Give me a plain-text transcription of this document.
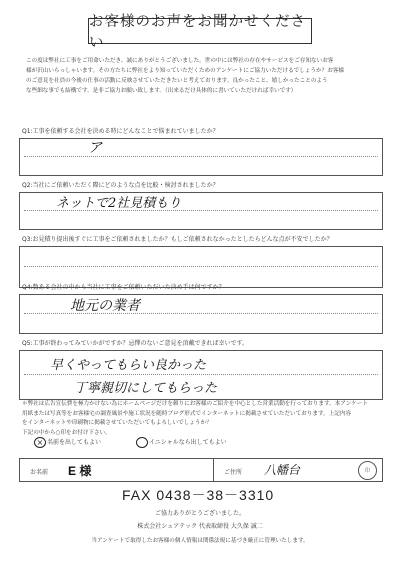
お客様のお声をお聞かせください

この度は弊社に工事をご用命いただき、誠にありがとうございました。世の中には弊社の存在やサービスをご存知ないお客

様が沢山いらっしゃいます。その方たちに弊社をより知っていただくためのアンケートにご協力いただけるでしょうか？お客様

のご意見を社員の今後の仕事の活動に反映させていただきたいと考えております。良かったこと、嬉しかったことのよう

な些細な事でも結構です。是非ご協力お願い致します。（出来るだけ具体的に書いていただければ幸いです）

Q1:工事を依頼する会社を決める時にどんなことで悩まれていましたか？
ア
Q2:当社にご依頼いただく際にどのような点を比較・検討されましたか？
ネットで2社見積もり
Q3:お見積り提出後すぐに工事をご依頼されましたか？もしご依頼されなかったとしたらどんな点が不安でしたか？
Q4:数ある会社の中から当社に工事をご依頼いただいた決め手は何ですか？
地元の業者
Q5:工事が終わってみていかがですか？忌憚のないご意見を頂戴できれば幸いです。
早くやってもらい良かった
丁寧親切にしてもらった

＊弊社は広告宣伝費を極力かけない為にホームページだけを頼りにお客様のご紹介を中心とした営業活動を行っております。本アンケート

用紙または写真等をお客様宅の調査風景や施工状況を随時ブログ形式でインターネットに掲載させていただいております。上記内容

をインターネットや印刷物に掲載させていただいてもよろしいでしょうか？

下記の中から○印をお付け下さい。

× 名前を出してもよい	イニシャルなら出してもよい
お名前 E 様	ご住所 八幡台	印
FAX 0438－38－3310
ご協力ありがとうございました。
株式会社シェアテック 代表取締役 大久保 誠二
当アンケートで取得したお客様の個人情報は関係法規に基づき厳正に管理いたします。
